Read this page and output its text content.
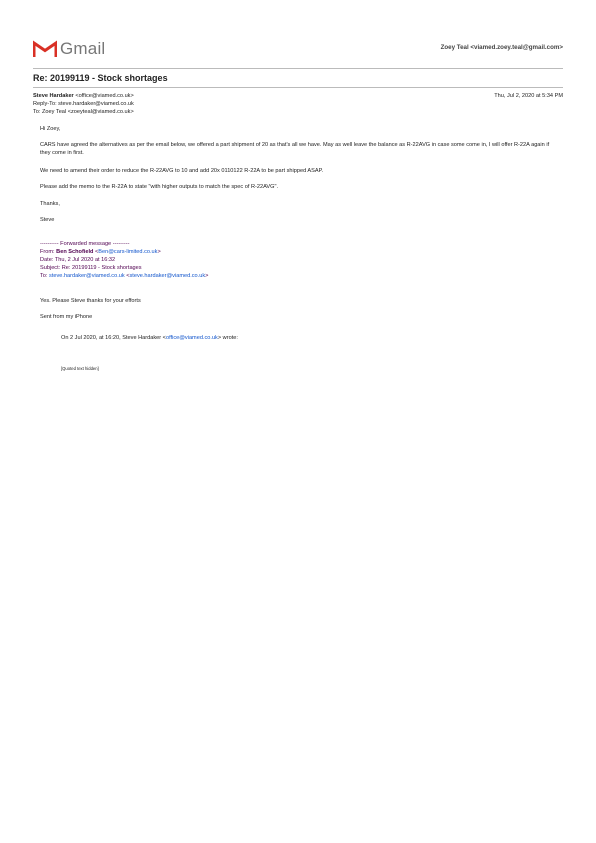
Gmail	Zoey Teal <viamed.zoey.teal@gmail.com>
Re: 20199119 - Stock shortages
Steve Hardaker <office@viamed.co.uk>	Thu, Jul 2, 2020 at 5:34 PM
Reply-To: steve.hardaker@viamed.co.uk
To: Zoey Teal <zoeyteal@viamed.co.uk>
Hi Zoey,
CARS have agreed the alternatives as per the email below, we offered a part shipment of 20 as that's all we have. May as well leave the balance as R-22AVG in case some come in, I will offer R-22A again if they come in first.
We need to amend their order to reduce the R-22AVG to 10 and add 20x 0110122 R-22A to be part shipped ASAP.
Please add the memo to the R-22A to state "with higher outputs to match the spec of R-22AVG".
Thanks,
Steve
---------- Forwarded message ---------
From: Ben Schofield <Ben@cars-limited.co.uk>
Date: Thu, 2 Jul 2020 at 16:32
Subject: Re: 20199119 - Stock shortages
To: steve.hardaker@viamed.co.uk <steve.hardaker@viamed.co.uk>
Yes. Please Steve thanks for your efforts
Sent from my iPhone
On 2 Jul 2020, at 16:20, Steve Hardaker <office@viamed.co.uk> wrote:
[Quoted text hidden]
